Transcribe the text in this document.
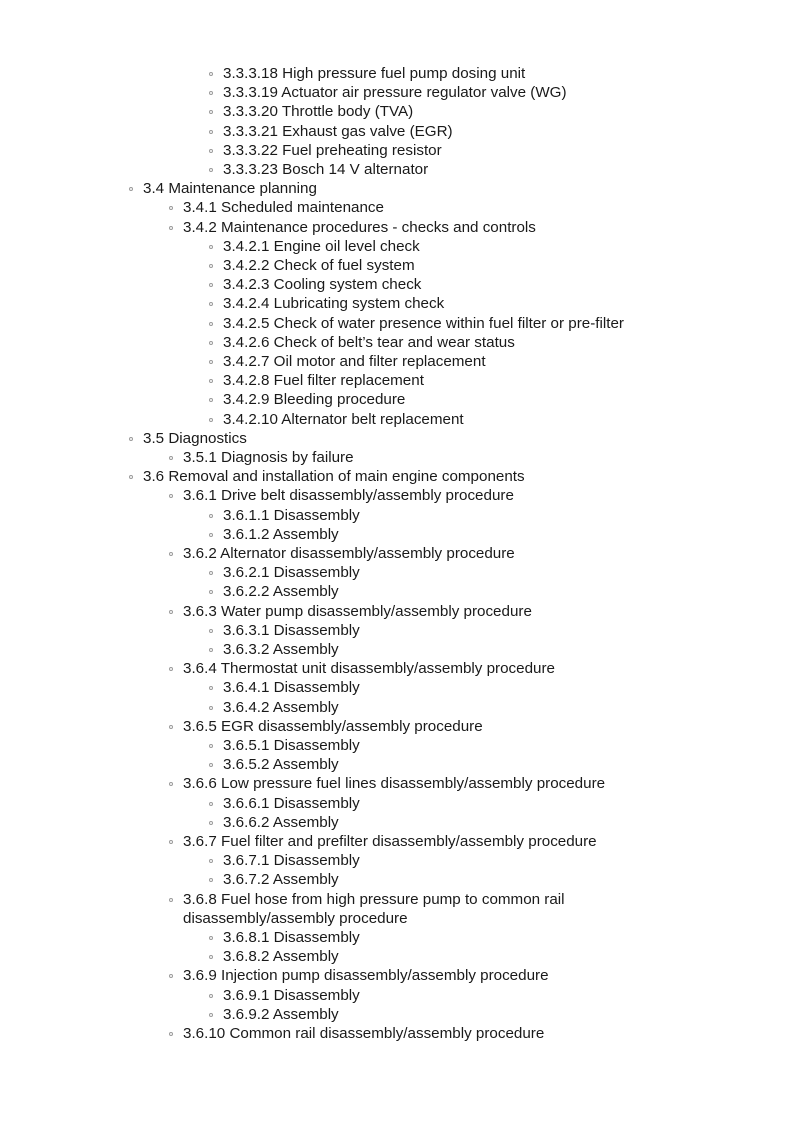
3.3.3.18 High pressure fuel pump dosing unit
3.3.3.19 Actuator air pressure regulator valve (WG)
3.3.3.20 Throttle body (TVA)
3.3.3.21 Exhaust gas valve (EGR)
3.3.3.22 Fuel preheating resistor
3.3.3.23 Bosch 14 V alternator
3.4 Maintenance planning
3.4.1 Scheduled maintenance
3.4.2 Maintenance procedures - checks and controls
3.4.2.1 Engine oil level check
3.4.2.2 Check of fuel system
3.4.2.3 Cooling system check
3.4.2.4 Lubricating system check
3.4.2.5 Check of water presence within fuel filter or pre-filter
3.4.2.6 Check of belt’s tear and wear status
3.4.2.7 Oil motor and filter replacement
3.4.2.8 Fuel filter replacement
3.4.2.9 Bleeding procedure
3.4.2.10 Alternator belt replacement
3.5 Diagnostics
3.5.1 Diagnosis by failure
3.6 Removal and installation of main engine components
3.6.1 Drive belt disassembly/assembly procedure
3.6.1.1 Disassembly
3.6.1.2 Assembly
3.6.2 Alternator disassembly/assembly procedure
3.6.2.1 Disassembly
3.6.2.2 Assembly
3.6.3 Water pump disassembly/assembly procedure
3.6.3.1 Disassembly
3.6.3.2 Assembly
3.6.4 Thermostat unit disassembly/assembly procedure
3.6.4.1 Disassembly
3.6.4.2 Assembly
3.6.5 EGR disassembly/assembly procedure
3.6.5.1 Disassembly
3.6.5.2 Assembly
3.6.6 Low pressure fuel lines disassembly/assembly procedure
3.6.6.1 Disassembly
3.6.6.2 Assembly
3.6.7 Fuel filter and prefilter disassembly/assembly procedure
3.6.7.1 Disassembly
3.6.7.2 Assembly
3.6.8 Fuel hose from high pressure pump to common rail
disassembly/assembly procedure
3.6.8.1 Disassembly
3.6.8.2 Assembly
3.6.9 Injection pump disassembly/assembly procedure
3.6.9.1 Disassembly
3.6.9.2 Assembly
3.6.10 Common rail disassembly/assembly procedure
